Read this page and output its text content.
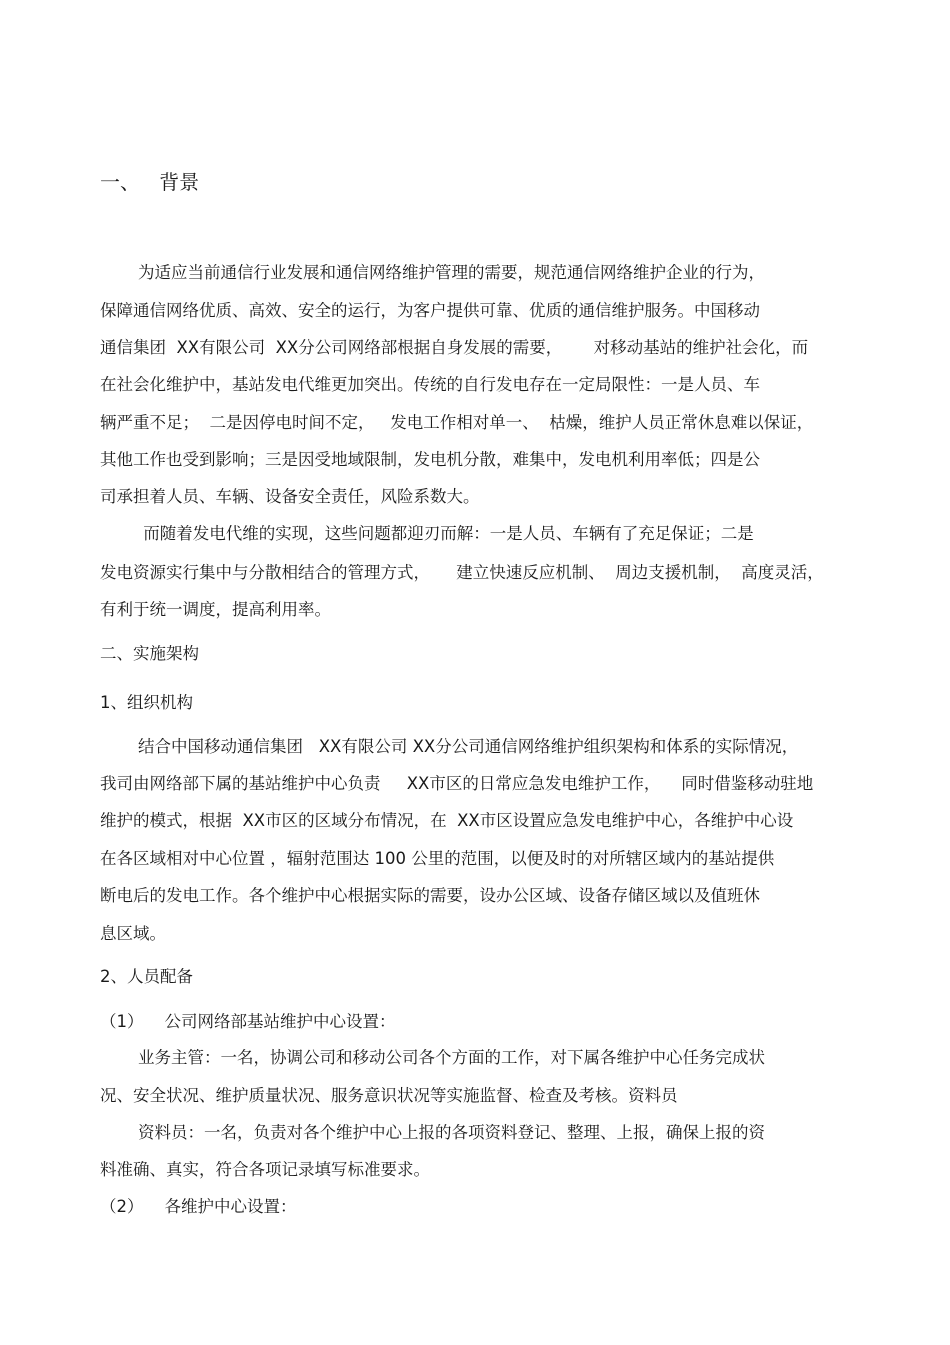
一、   背景
为适应当前通信行业发展和通信网络维护管理的需要，规范通信网络维护企业的行为，
保障通信网络优质、高效、安全的运行，为客户提供可靠、优质的通信维护服务。中国移动
通信集团  XX有限公司  XX分公司网络部根据自身发展的需要，      对移动基站的维护社会化，而
在社会化维护中，基站发电代维更加突出。传统的自行发电存在一定局限性：一是人员、车
辆严重不足；  二是因停电时间不定，   发电工作相对单一、  枯燥，维护人员正常休息难以保证，
其他工作也受到影响；三是因受地域限制，发电机分散，难集中，发电机利用率低；四是公
司承担着人员、车辆、设备安全责任，风险系数大。
而随着发电代维的实现，这些问题都迎刃而解：一是人员、车辆有了充足保证；二是
发电资源实行集中与分散相结合的管理方式，     建立快速反应机制、  周边支援机制，  高度灵活，
有利于统一调度，提高利用率。
二、实施架构
1、组织机构
结合中国移动通信集团   XX有限公司 XX分公司通信网络维护组织架构和体系的实际情况，
我司由网络部下属的基站维护中心负责     XX市区的日常应急发电维护工作，    同时借鉴移动驻地
维护的模式，根据  XX市区的区域分布情况，在  XX市区设置应急发电维护中心，各维护中心设
在各区域相对中心位置 ，辐射范围达 100 公里的范围，以便及时的对所辖区域内的基站提供
断电后的发电工作。各个维护中心根据实际的需要，设办公区域、设备存储区域以及值班休
息区域。
2、人员配备
（1）    公司网络部基站维护中心设置：
业务主管：一名，协调公司和移动公司各个方面的工作，对下属各维护中心任务完成状
况、安全状况、维护质量状况、服务意识状况等实施监督、检查及考核。资料员
资料员：一名，负责对各个维护中心上报的各项资料登记、整理、上报，确保上报的资
料准确、真实，符合各项记录填写标准要求。
（2）    各维护中心设置：
